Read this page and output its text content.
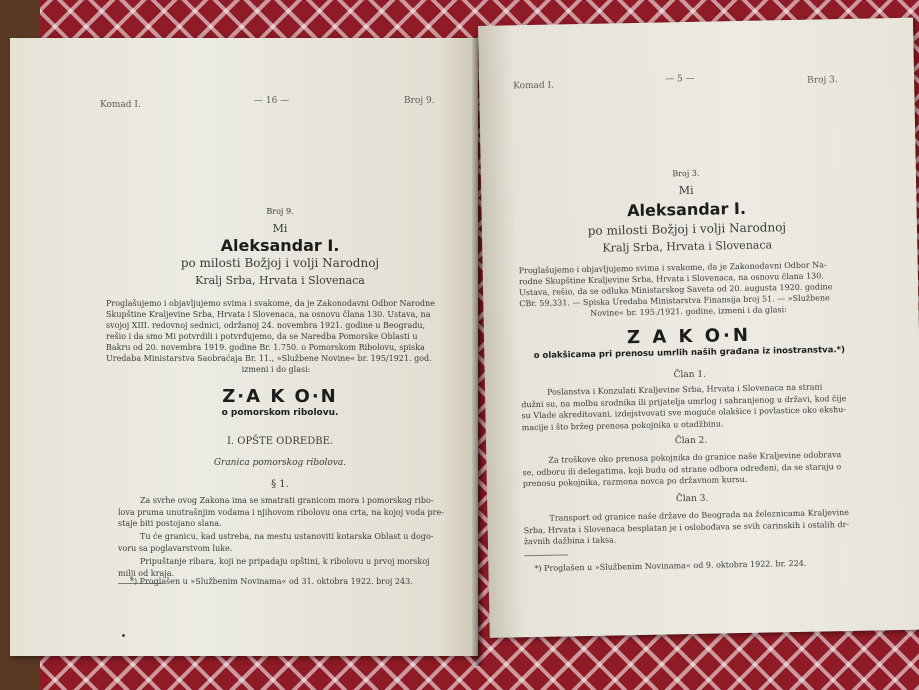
Komad I.	— 16 —	Broj 9.
Broj 9.
Mi
Aleksandar I.
po milosti Božjoj i volji Narodnoj
Kralj Srba, Hrvata i Slovenaca
Proglašujemo i objavljujemo svima i svakome, da je Zakonodavni Odbor Narodne
Skupštine Kraljevine Srba, Hrvata i Slovenaca, na osnovu člana 130. Ustava, na
svojoj XIII. redovnoj sednici, održanoj 24. novembra 1921. godine u Beogradu,
rešio i da smo Mi potvrdili i potvrđujemo, da se Naredba Pomorske Oblasti u
Bakru od 20. novembra 1919. godine Br. 1.750. o Pomorskom Ribolovu, spiska
Uredaba Ministarstva Saobraćaja Br. 11., »Službene Novine« br. 195/1921. god.
izmeni i do glasi:
Z·A K O·N
o pomorskom ribolovu.
I. OPŠTE ODREDBE.
Granica pomorskog ribolova.
§ 1.
Za svrhe ovog Zakona ima se smatrati granicom mora i pomorskog ribo-
lova pruma unutrašnjim vodama i njihovom ribolovu ona crta, na kojoj voda pre-
staje biti postojano slana.
Tu će granicu, kad ustreba, na mestu ustanoviti kotarska Oblast u dogo-
voru sa poglavarstvom luke.
Pripuštanje ribara, koji ne pripadaju opštini, k ribolovu u prvoj morskoj
milji od kraja.
*) Proglašen u »Službenim Novinama« od 31. oktobra 1922. broj 243.
Komad I.
— 5 —	Broj 3.
Broj 3.
Mi
Aleksandar I.
po milosti Božjoj i volji Narodnoj
Kralj Srba, Hrvata i Slovenaca
Proglašujemo i objavljujemo svima i svakome, da je Zakonodavni Odbor Na-
rodne Skupštine Kraljevine Srba, Hrvata i Slovenaca, na osnovu člana 130.
Ustava, rešio, da se odluka Ministarskog Saveta od 20. augusta 1920. godine
CBr. 59,331. — Spiska Uredaba Ministarstva Finansija broj 51. — »Službene
Novine« br. 195./1921. godine, izmeni i da glasi:
Z A K O·N
o olakšicama pri prenosu umrlih naših građana iz inostranstva.*)
Član 1.
Poslanstva i Konzulati Kraljevine Srba, Hrvata i Slovenaca na strani
dužni su, na molbu srodnika ili prijatelja umrlog i sahranjenog u državi, kod čije
su Vlade akreditovani, izdejstvovati sve moguće olakšice i povlastice oko ekshu-
macije i što bržeg prenosa pokojnika u otadžbinu.
Član 2.
Za troškove oko prenosa pokojnika do granice naše Kraljevine odobrava
se, odboru ili delegatima, koji budu od strane odbora određeni, da se staraju o
prenosu pokojnika, razmona novca po državnom kursu.
Član 3.
Transport od granice naše države do Beograda na železnicama Kraljevine
Srba, Hrvata i Slovenaca besplatan je i oslobođava se svih carinskih i ostalih dr-
žavnih dažbina i taksa.
*) Proglašen u »Službenim Novinama« od 9. oktobra 1922. br. 224.
